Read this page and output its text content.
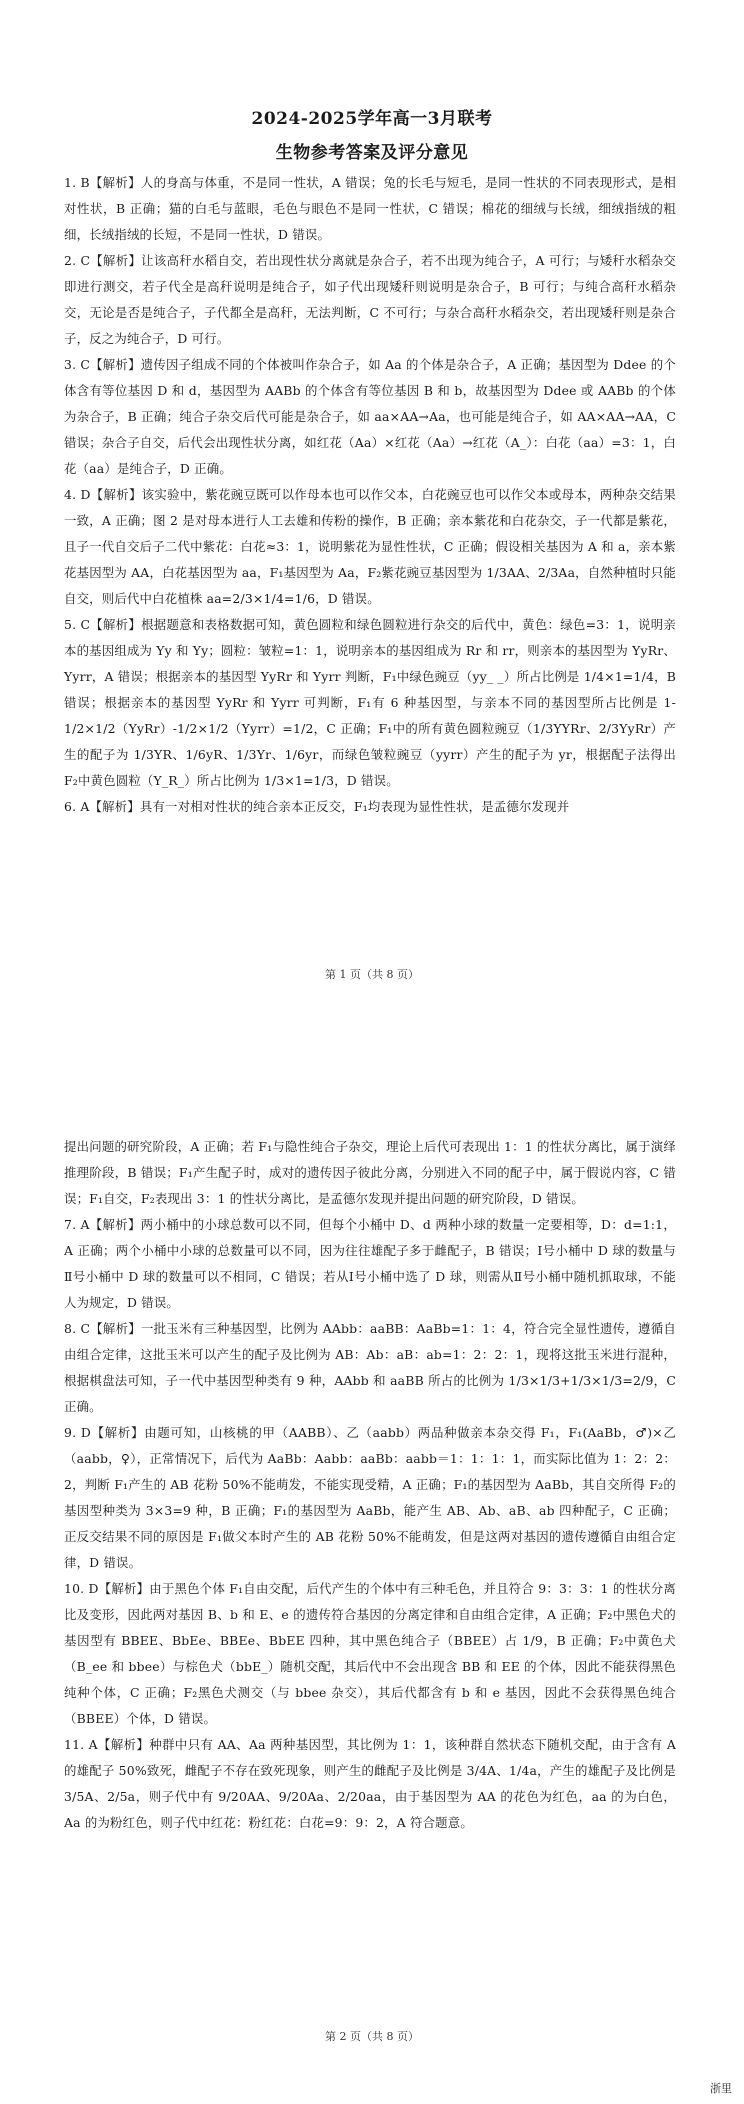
2024-2025学年高一3月联考
生物参考答案及评分意见

1. B【解析】人的身高与体重，不是同一性状，A 错误；兔的长毛与短毛，是同一性状的不同表现形式，是相对性状，B 正确；猫的白毛与蓝眼，毛色与眼色不是同一性状，C 错误；棉花的细绒与长绒，细绒指绒的粗细，长绒指绒的长短，不是同一性状，D 错误。

2. C【解析】让该高秆水稻自交，若出现性状分离就是杂合子，若不出现为纯合子，A 可行；与矮秆水稻杂交即进行测交，若子代全是高秆说明是纯合子，如子代出现矮秆则说明是杂合子，B 可行；与纯合高秆水稻杂交，无论是否是纯合子，子代都全是高秆，无法判断，C 不可行；与杂合高秆水稻杂交，若出现矮秆则是杂合子，反之为纯合子，D 可行。

3. C【解析】遗传因子组成不同的个体被叫作杂合子，如 Aa 的个体是杂合子，A 正确；基因型为 Ddee 的个体含有等位基因 D 和 d，基因型为 AABb 的个体含有等位基因 B 和 b，故基因型为 Ddee 或 AABb 的个体为杂合子，B 正确；纯合子杂交后代可能是杂合子，如 aa×AA→Aa，也可能是纯合子，如 AA×AA→AA，C 错误；杂合子自交，后代会出现性状分离，如红花（Aa）×红花（Aa）→红花（A_）：白花（aa）=3：1，白花（aa）是纯合子，D 正确。

4. D【解析】该实验中，紫花豌豆既可以作母本也可以作父本，白花豌豆也可以作父本或母本，两种杂交结果一致，A 正确；图 2 是对母本进行人工去雄和传粉的操作，B 正确；亲本紫花和白花杂交，子一代都是紫花，且子一代自交后子二代中紫花：白花≈3：1，说明紫花为显性性状，C 正确；假设相关基因为 A 和 a，亲本紫花基因型为 AA，白花基因型为 aa，F₁基因型为 Aa，F₂紫花豌豆基因型为 1/3AA、2/3Aa，自然种植时只能自交，则后代中白花植株 aa=2/3×1/4=1/6，D 错误。

5. C【解析】根据题意和表格数据可知，黄色圆粒和绿色圆粒进行杂交的后代中，黄色：绿色=3：1，说明亲本的基因组成为 Yy 和 Yy；圆粒：皱粒=1：1，说明亲本的基因组成为 Rr 和 rr，则亲本的基因型为 YyRr、Yyrr，A 错误；根据亲本的基因型 YyRr 和 Yyrr 判断，F₁中绿色豌豆（yy_ _）所占比例是 1/4×1=1/4，B 错误；根据亲本的基因型 YyRr 和 Yyrr 可判断，F₁有 6 种基因型，与亲本不同的基因型所占比例是 1-1/2×1/2（YyRr）-1/2×1/2（Yyrr）=1/2，C 正确；F₁中的所有黄色圆粒豌豆（1/3YYRr、2/3YyRr）产生的配子为 1/3YR、1/6yR、1/3Yr、1/6yr，而绿色皱粒豌豆（yyrr）产生的配子为 yr，根据配子法得出 F₂中黄色圆粒（Y_R_）所占比例为 1/3×1=1/3，D 错误。

6. A【解析】具有一对相对性状的纯合亲本正反交，F₁均表现为显性性状，是孟德尔发现并

第 1 页（共 8 页）

提出问题的研究阶段，A 正确；若 F₁与隐性纯合子杂交，理论上后代可表现出 1：1 的性状分离比，属于演绎推理阶段，B 错误；F₁产生配子时，成对的遗传因子彼此分离，分别进入不同的配子中，属于假说内容，C 错误；F₁自交，F₂表现出 3：1 的性状分离比，是孟德尔发现并提出问题的研究阶段，D 错误。

7. A【解析】两小桶中的小球总数可以不同，但每个小桶中 D、d 两种小球的数量一定要相等，D：d=1:1，A 正确；两个小桶中小球的总数量可以不同，因为往往雄配子多于雌配子，B 错误；Ⅰ号小桶中 D 球的数量与Ⅱ号小桶中 D 球的数量可以不相同，C 错误；若从Ⅰ号小桶中选了 D 球，则需从Ⅱ号小桶中随机抓取球，不能人为规定，D 错误。

8. C【解析】一批玉米有三种基因型，比例为 AAbb：aaBB：AaBb=1：1：4，符合完全显性遗传，遵循自由组合定律，这批玉米可以产生的配子及比例为 AB：Ab：aB：ab=1：2：2：1，现将这批玉米进行混种，根据棋盘法可知，子一代中基因型种类有 9 种，AAbb 和 aaBB 所占的比例为 1/3×1/3+1/3×1/3=2/9，C 正确。

9. D【解析】由题可知，山核桃的甲（AABB）、乙（aabb）两品种做亲本杂交得 F₁，F₁(AaBb，♂)×乙（aabb，♀），正常情况下，后代为 AaBb：Aabb：aaBb：aabb＝1：1：1：1，而实际比值为 1：2：2：2，判断 F₁产生的 AB 花粉 50%不能萌发，不能实现受精，A 正确；F₁的基因型为 AaBb，其自交所得 F₂的基因型种类为 3×3=9 种，B 正确；F₁的基因型为 AaBb，能产生 AB、Ab、aB、ab 四种配子，C 正确；正反交结果不同的原因是 F₁做父本时产生的 AB 花粉 50%不能萌发，但是这两对基因的遗传遵循自由组合定律，D 错误。

10. D【解析】由于黑色个体 F₁自由交配，后代产生的个体中有三种毛色，并且符合 9：3：3：1 的性状分离比及变形，因此两对基因 B、b 和 E、e 的遗传符合基因的分离定律和自由组合定律，A 正确；F₂中黑色犬的基因型有 BBEE、BbEe、BBEe、BbEE 四种，其中黑色纯合子（BBEE）占 1/9，B 正确；F₂中黄色犬（B_ee 和 bbee）与棕色犬（bbE_）随机交配，其后代中不会出现含 BB 和 EE 的个体，因此不能获得黑色纯种个体，C 正确；F₂黑色犬测交（与 bbee 杂交），其后代都含有 b 和 e 基因，因此不会获得黑色纯合（BBEE）个体，D 错误。

11. A【解析】种群中只有 AA、Aa 两种基因型，其比例为 1：1，该种群自然状态下随机交配，由于含有 A 的雄配子 50%致死，雌配子不存在致死现象，则产生的雌配子及比例是 3/4A、1/4a，产生的雄配子及比例是 3/5A、2/5a，则子代中有 9/20AA、9/20Aa、2/20aa，由于基因型为 AA 的花色为红色，aa 的为白色，Aa 的为粉红色，则子代中红花：粉红花：白花=9：9：2，A 符合题意。

第 2 页（共 8 页）
浙里
